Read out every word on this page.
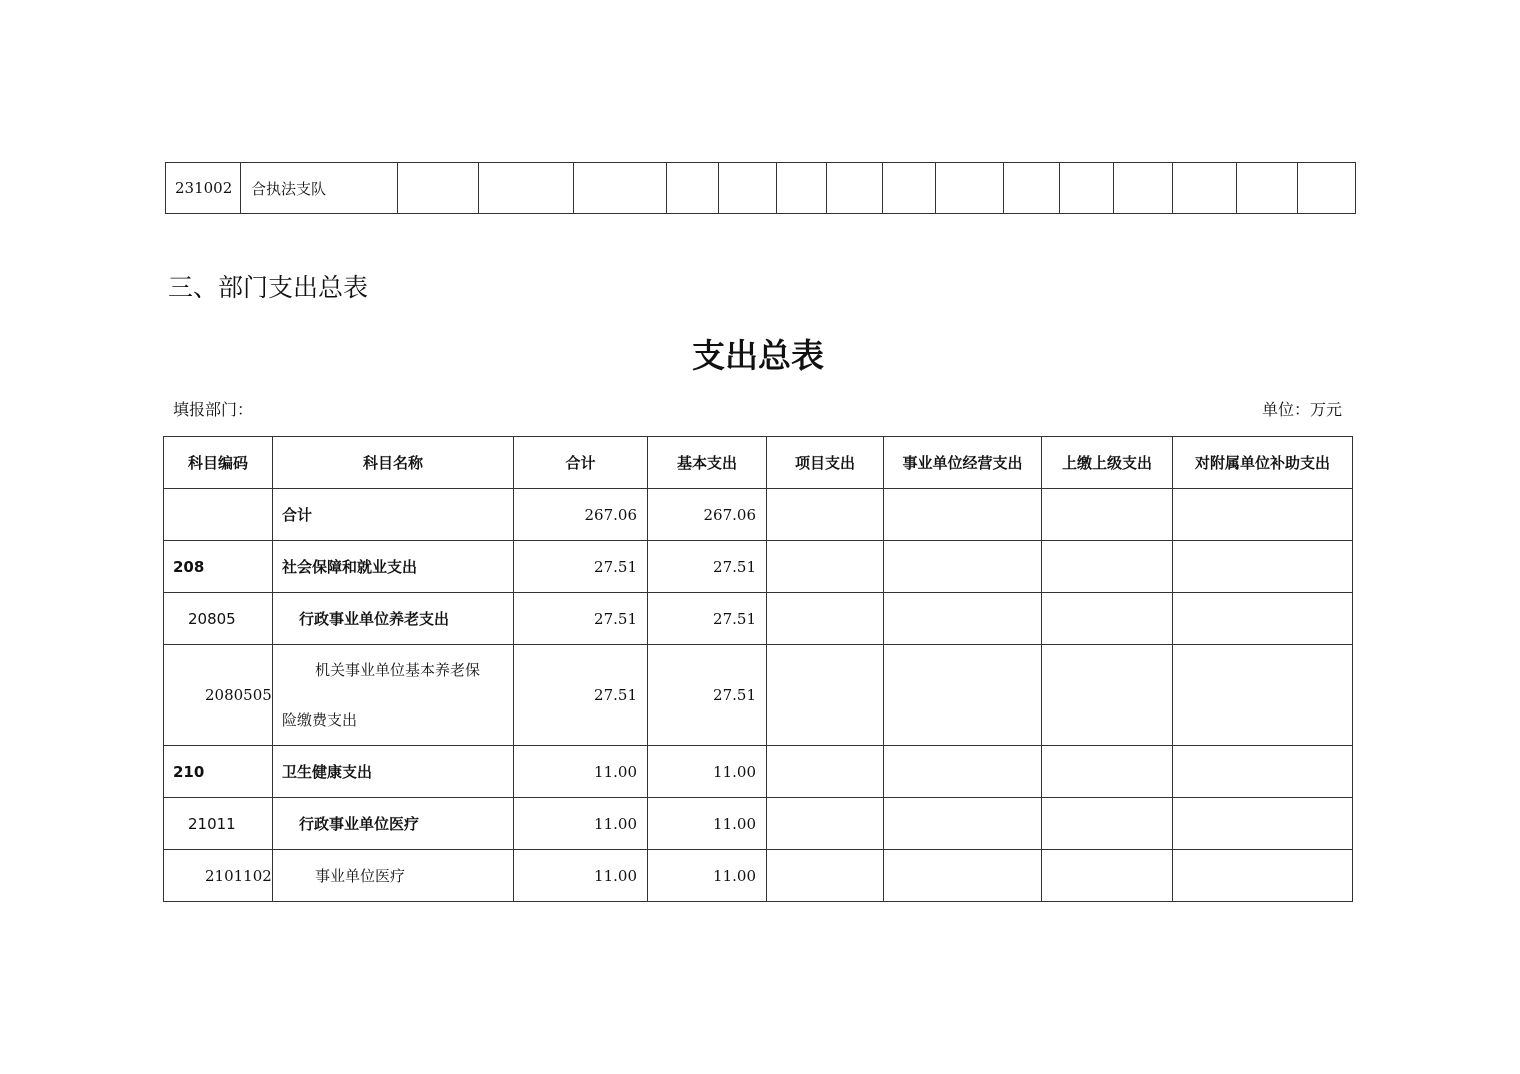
231002	合执法支队															
三、部门支出总表
支出总表
填报部门：	单位：万元
科目编码	科目名称	合计	基本支出	项目支出	事业单位经营支出	上缴上级支出	对附属单位补助支出
	合计	267.06	267.06				
208	社会保障和就业支出	27.51	27.51				
20805	行政事业单位养老支出	27.51	27.51				
2080505	机关事业单位基本养老保
险缴费支出	27.51	27.51				
210	卫生健康支出	11.00	11.00				
21011	行政事业单位医疗	11.00	11.00				
2101102	事业单位医疗	11.00	11.00				
